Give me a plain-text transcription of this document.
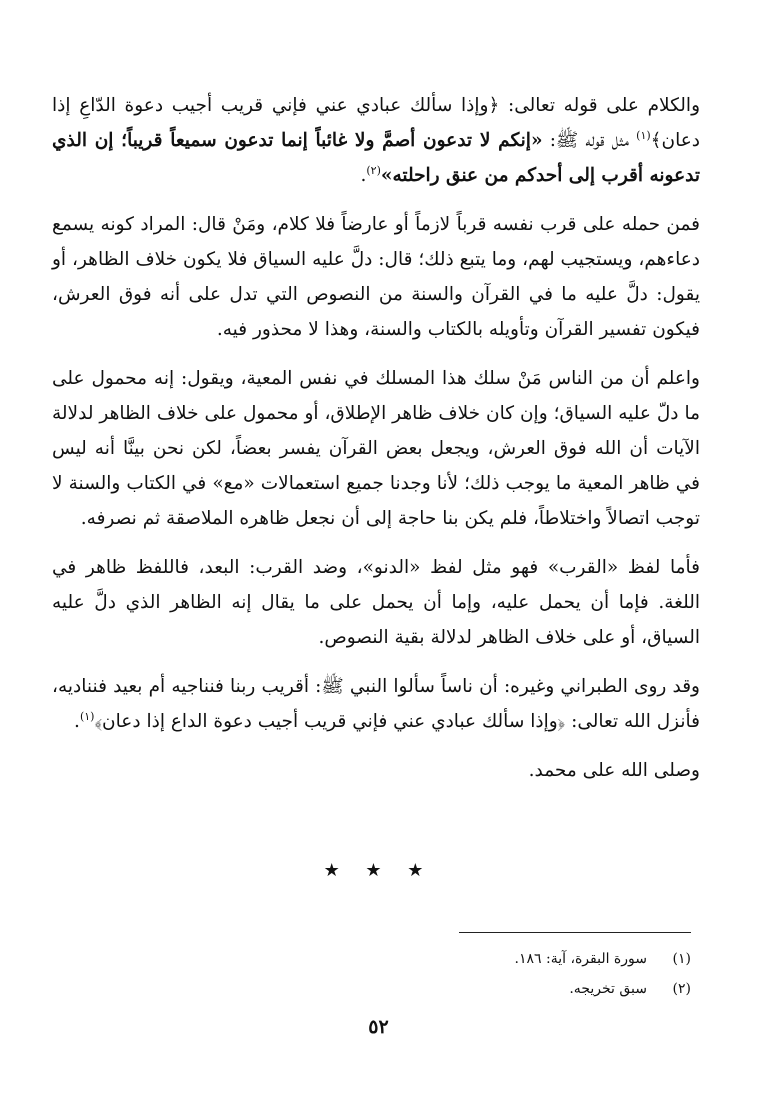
والكلام على قوله تعالى: ﴿وإذا سألك عبادي عني فإني قريب أجيب دعوة الدّاعِ إذا دعان﴾$^{(١)}$ مثل قوله ﷺ: «إنكم لا تدعون أصمَّ ولا غائباً إنما تدعون سميعاً قريباً؛ إن الذي تدعونه أقرب إلى أحدكم من عنق راحلته»$^{(٢)}$.

فمن حمله على قرب نفسه قرباً لازماً أو عارضاً فلا كلام، ومَنْ قال: المراد كونه يسمع دعاءهم، ويستجيب لهم، وما يتبع ذلك؛ قال: دلَّ عليه السياق فلا يكون خلاف الظاهر، أو يقول: دلَّ عليه ما في القرآن والسنة من النصوص التي تدل على أنه فوق العرش، فيكون تفسير القرآن وتأويله بالكتاب والسنة، وهذا لا محذور فيه.

واعلم أن من الناس مَنْ سلك هذا المسلك في نفس المعية، ويقول: إنه محمول على ما دلّ عليه السياق؛ وإن كان خلاف ظاهر الإطلاق، أو محمول على خلاف الظاهر لدلالة الآيات أن الله فوق العرش، ويجعل بعض القرآن يفسر بعضاً، لكن نحن بينَّا أنه ليس في ظاهر المعية ما يوجب ذلك؛ لأنا وجدنا جميع استعمالات «مع» في الكتاب والسنة لا توجب اتصالاً واختلاطاً، فلم يكن بنا حاجة إلى أن نجعل ظاهره الملاصقة ثم نصرفه.

فأما لفظ «القرب» فهو مثل لفظ «الدنو»، وضد القرب: البعد، فاللفظ ظاهر في اللغة. فإما أن يحمل عليه، وإما أن يحمل على ما يقال إنه الظاهر الذي دلَّ عليه السياق، أو على خلاف الظاهر لدلالة بقية النصوص.

وقد روى الطبراني وغيره: أن ناساً سألوا النبي ﷺ: أقريب ربنا فنناجيه أم بعيد فنناديه، فأنزل الله تعالى: ﴿وإذا سألك عبادي عني فإني قريب أجيب دعوة الداع إذا دعان﴾$^{(١)}$.

وصلى الله على محمد.

★ ★ ★
(١)سورة البقرة، آية: ١٨٦.
(٢)سبق تخريجه.
٥٢
